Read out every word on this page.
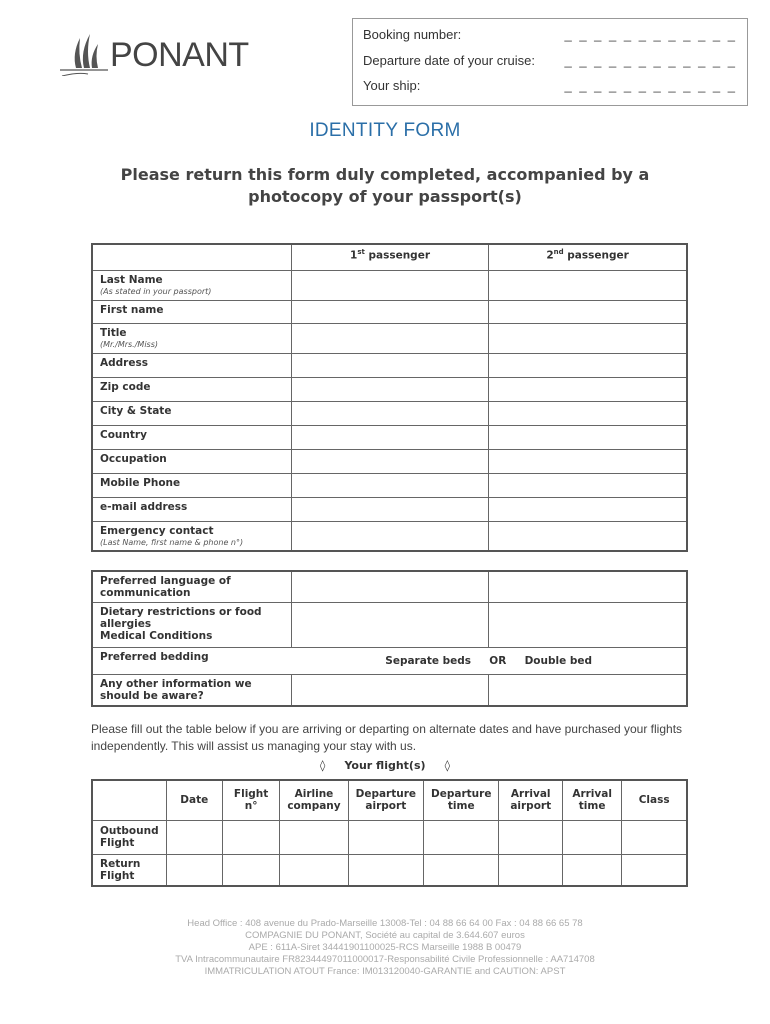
PONANT
Booking number:	_ _ _ _ _ _ _ _ _ _ _ _
Departure date of your cruise: _ _ _ _ _ _ _ _ _ _ _ _
Your ship:	_ _ _ _ _ _ _ _ _ _ _ _
IDENTITY FORM
Please return this form duly completed, accompanied by a photocopy of your passport(s)
	1st passenger	2nd passenger
Last Name
(As stated in your passport)		

First name		
Title
(Mr./Mrs./Miss)		

Address		
Zip code		
City & State		
Country		
Occupation		
Mobile Phone		
e-mail address		
Emergency contact
(Last Name, first name & phone n°)		

Preferred language of communication		

Dietary restrictions or food allergies
Medical Conditions		

Preferred bedding	Separate beds     OR     Double bed	
Any other information we should be aware?		
Please fill out the table below if you are arriving or departing on alternate dates and have purchased your flights independently. This will assist us managing your stay with us.
◊     Your flight(s)     ◊
	Date	Flight n°	Airline company	Departure airport	Departure time	Arrival airport	Arrival time	Class
Outbound Flight								
Return Flight								
Head Office : 408 avenue du Prado-Marseille 13008-Tel : 04 88 66 64 00 Fax : 04 88 66 65 78
COMPAGNIE DU PONANT, Société au capital de 3.644.607 euros
APE : 611A-Siret 34441901100025-RCS Marseille 1988 B 00479
TVA Intracommunautaire FR82344497011000017-Responsabilité Civile Professionnelle : AA714708
IMMATRICULATION ATOUT France: IM013120040-GARANTIE and CAUTION: APST
